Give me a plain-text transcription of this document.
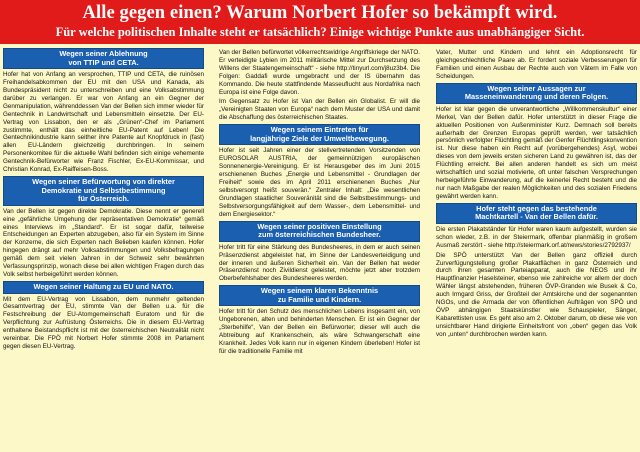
Alle gegen einen? Warum Norbert Hofer so bekämpft wird.
Für welche politischen Inhalte steht er tatsächlich? Einige wichtige Punkte aus unabhängiger Sicht.
Wegen seiner Ablehnung
von TTIP und CETA.

Hofer hat von Anfang an versprochen, TTIP und CETA, die ruinösen Freihandelsabkommen der EU mit den USA und Kanada, als Bundespräsident nicht zu unterschreiben und eine Volksabstimmung darüber zu verlangen. Er war von Anfang an ein Gegner der Genmanipulation, währenddessen Van der Bellen sich immer wieder für Gentechnik in Landwirtschaft und Lebensmitteln einsetzte. Der EU-Vertrag von Lissabon, den er als „Grünen“-Chef im Parlament zustimmte, enthält das einheitliche EU-Patent auf Leben! Die Gentechnikindustrie kann seither ihre Patente auf Knopfdruck in (fast) allen EU-Ländern gleichzeitig durchbringen. In seinem Personenkomitee für die aktuelle Wahl befinden sich einige vehemente Gentechnik-Befürworter wie Franz Fischler, Ex-EU-Kommissar, und Christian Konrad, Ex-Raiffeisen-Boss.

Wegen seiner Befürwortung von direkter
Demokratie und Selbstbestimmung
für Österreich.

Van der Bellen ist gegen direkte Demokratie. Diese nennt er generell eine „gefährliche Umgehung der repräsentativen Demokratie“ gemäß eines Interviews im „Standard“. Er ist sogar dafür, teilweise Entscheidungen an Experten abzugeben, also für ein System im Sinne der Konzerne, die sich Experten nach Belieben kaufen können. Hofer hingegen drängt auf mehr Volksabstimmungen und Volksbefragungen gemäß dem seit vielen Jahren in der Schweiz sehr bewährten Verfassungsprinzip, wonach diese bei allen wichtigen Fragen durch das Volk selbst herbeigeführt werden können.

Wegen seiner Haltung zu EU und NATO.

Mit dem EU-Vertrag von Lissabon, dem nunmehr geltenden Gesamtvertrag der EU, stimmte Van der Bellen u.a. für die Festschreibung der EU-Atomgemeinschaft Euratom und für die Verpflichtung zur Aufrüstung Österreichs. Die in diesem EU-Vertrag enthaltene Beistandspflicht ist mit der österreichischen Neutralität nicht vereinbar. Die FPÖ mit Norbert Hofer stimmte 2008 im Parlament gegen diesen EU-Vertrag.

Van der Bellen befürwortet völkerrechtswidrige Angriffskriege der NATO. Er verteidigte Lybien im 2011 militärische Mittel zur Durchsetzung des Willens der Staatengemeinschaft“ - siehe http://tinyurl.com/j8uz3b4. Die Folgen: Gaddafi wurde umgebracht und der IS übernahm das Kommando. Die heute stattfindende Masseuflucht aus Nordafrika nach Europa ist eine Folge davon.

Im Gegensatz zu Hofer ist Van der Bellen ein Globalist. Er will die „Vereinigten Staaten von Europa“ nach dem Muster der USA und damit die Abschaffung des österreichischen Staates.

Wegen seinem Eintreten für
langjährige Ziele der Umweltbewegung.

Hofer ist seit Jahren einer der stellvertretenden Vorsitzenden von EUROSOLAR AUSTRIA, der gemeinnützigen europäischen Sonnenenergie-Vereinigung. Er ist Herausgeber des im Juni 2015 erschienenen Buches „Energie und Lebensmittel - Grundlagen der Freiheit“ sowie des im April 2011 erschienenen Buches „Nur selbstversorgt heißt souverän.“ Zentraler Inhalt: „Die wesentlichen Grundlagen staatlicher Souveränität sind die Selbstbestimmungs- und Selbstversorgungsfähigkeit auf dem Wasser-, dem Lebensmittel- und dem Energiesektor.“

Wegen seiner positiven Einstellung
zum österreichischen Bundesheer.

Hofer tritt für eine Stärkung des Bundesheeres, in dem er auch seinen Präsenzdienst abgeleistet hat, im Sinne der Landesverteidigung und der inneren und äußeren Sicherheit ein. Van der Bellen hat weder Präsenzdienst noch Zivildienst geleistet, möchte jetzt aber trotzdem Oberbefehlshaber des Bundesheeres werden.

Wegen seinem klaren Bekenntnis
zu Familie und Kindern.

Hofer tritt für den Schutz des menschlichen Lebens insgesamt ein, von Ungeborenen, alten und behinderten Menschen. Er ist ein Gegner der „Sterbehilfe“, Van der Bellen ein Befürworter; dieser will auch die Abtreibung auf Krankenschein, als wäre Schwangerschaft eine Krankheit. Jedes Volk kann nur in eigenen Kindern überleben! Hofer ist für die traditionelle Familie mit

Vater, Mutter und Kindern und lehnt ein Adoptionsrecht für gleichgeschlechtliche Paare ab. Er fordert soziale Verbesserungen für Familien und einen Ausbau der Rechte auch von Vätern im Falle von Scheidungen.

Wegen seiner Aussagen zur
Masseneinwanderung und deren Folgen.

Hofer ist klar gegen die unverantwortliche „Willkommenskultur“ einer Merkel, Van der Bellen dafür. Hofer unterstützt in dieser Frage die aktuellen Positionen von Außenminister Kurz. Demnach soll bereits außerhalb der Grenzen Europas geprüft werden, wer tatsächlich persönlich verfolgter Flüchtling gemäß der Genfer Flüchtlingskonvention ist. Nur diese haben ein Recht auf (vorübergehendes) Asyl, wobei dieses von dem jeweils ersten sicheren Land zu gewähren ist, das der Flüchtling erreicht. Bei allen anderen handelt es sich um meist wirtschaftlich und sozial motivierte, oft unter falschen Versprechungen herbeigeführte Einwanderung, auf die keinerlei Recht besteht und die nur nach Maßgabe der realen Möglichkeiten und des sozialen Friedens gewährt werden kann.

Hofer steht gegen das bestehende
Machtkartell - Van der Bellen dafür.

Die ersten Plakatständer für Hofer waren kaum aufgestellt, wurden sie schon wieder, z.B. in der Steiermark, offenbar planmäßig in großem Ausmaß zerstört - siehe http://steiermark.orf.at/news/stories/2792937/

Die SPÖ unterstützt Van der Bellen ganz offiziell durch Zurverfügungstellung großer Plakatflächen in ganz Österreich und durch ihren gesamten Parteiapparat, auch die NEOS und ihr Hauptfinanzier Haselsteiner, ebenso wie zahlreiche vor allem der doch Wähler längst abstehenden, früheren ÖVP-Granden wie Busek & Co, auch Irmgard Griss, der Großteil der Amtskirche und der sogenannten NGOs, und die Armada der von öffentlichen Aufträgen von SPÖ und ÖVP abhängigen Staatskünstler wie Schauspieler, Sänger, Kabarettisten usw. Es geht also am 2. Oktober darum, ob diese wie von unsichtbarer Hand dirigierte Einheitsfront von „oben“ gegen das Volk von „unten“ durchbrochen werden kann.
